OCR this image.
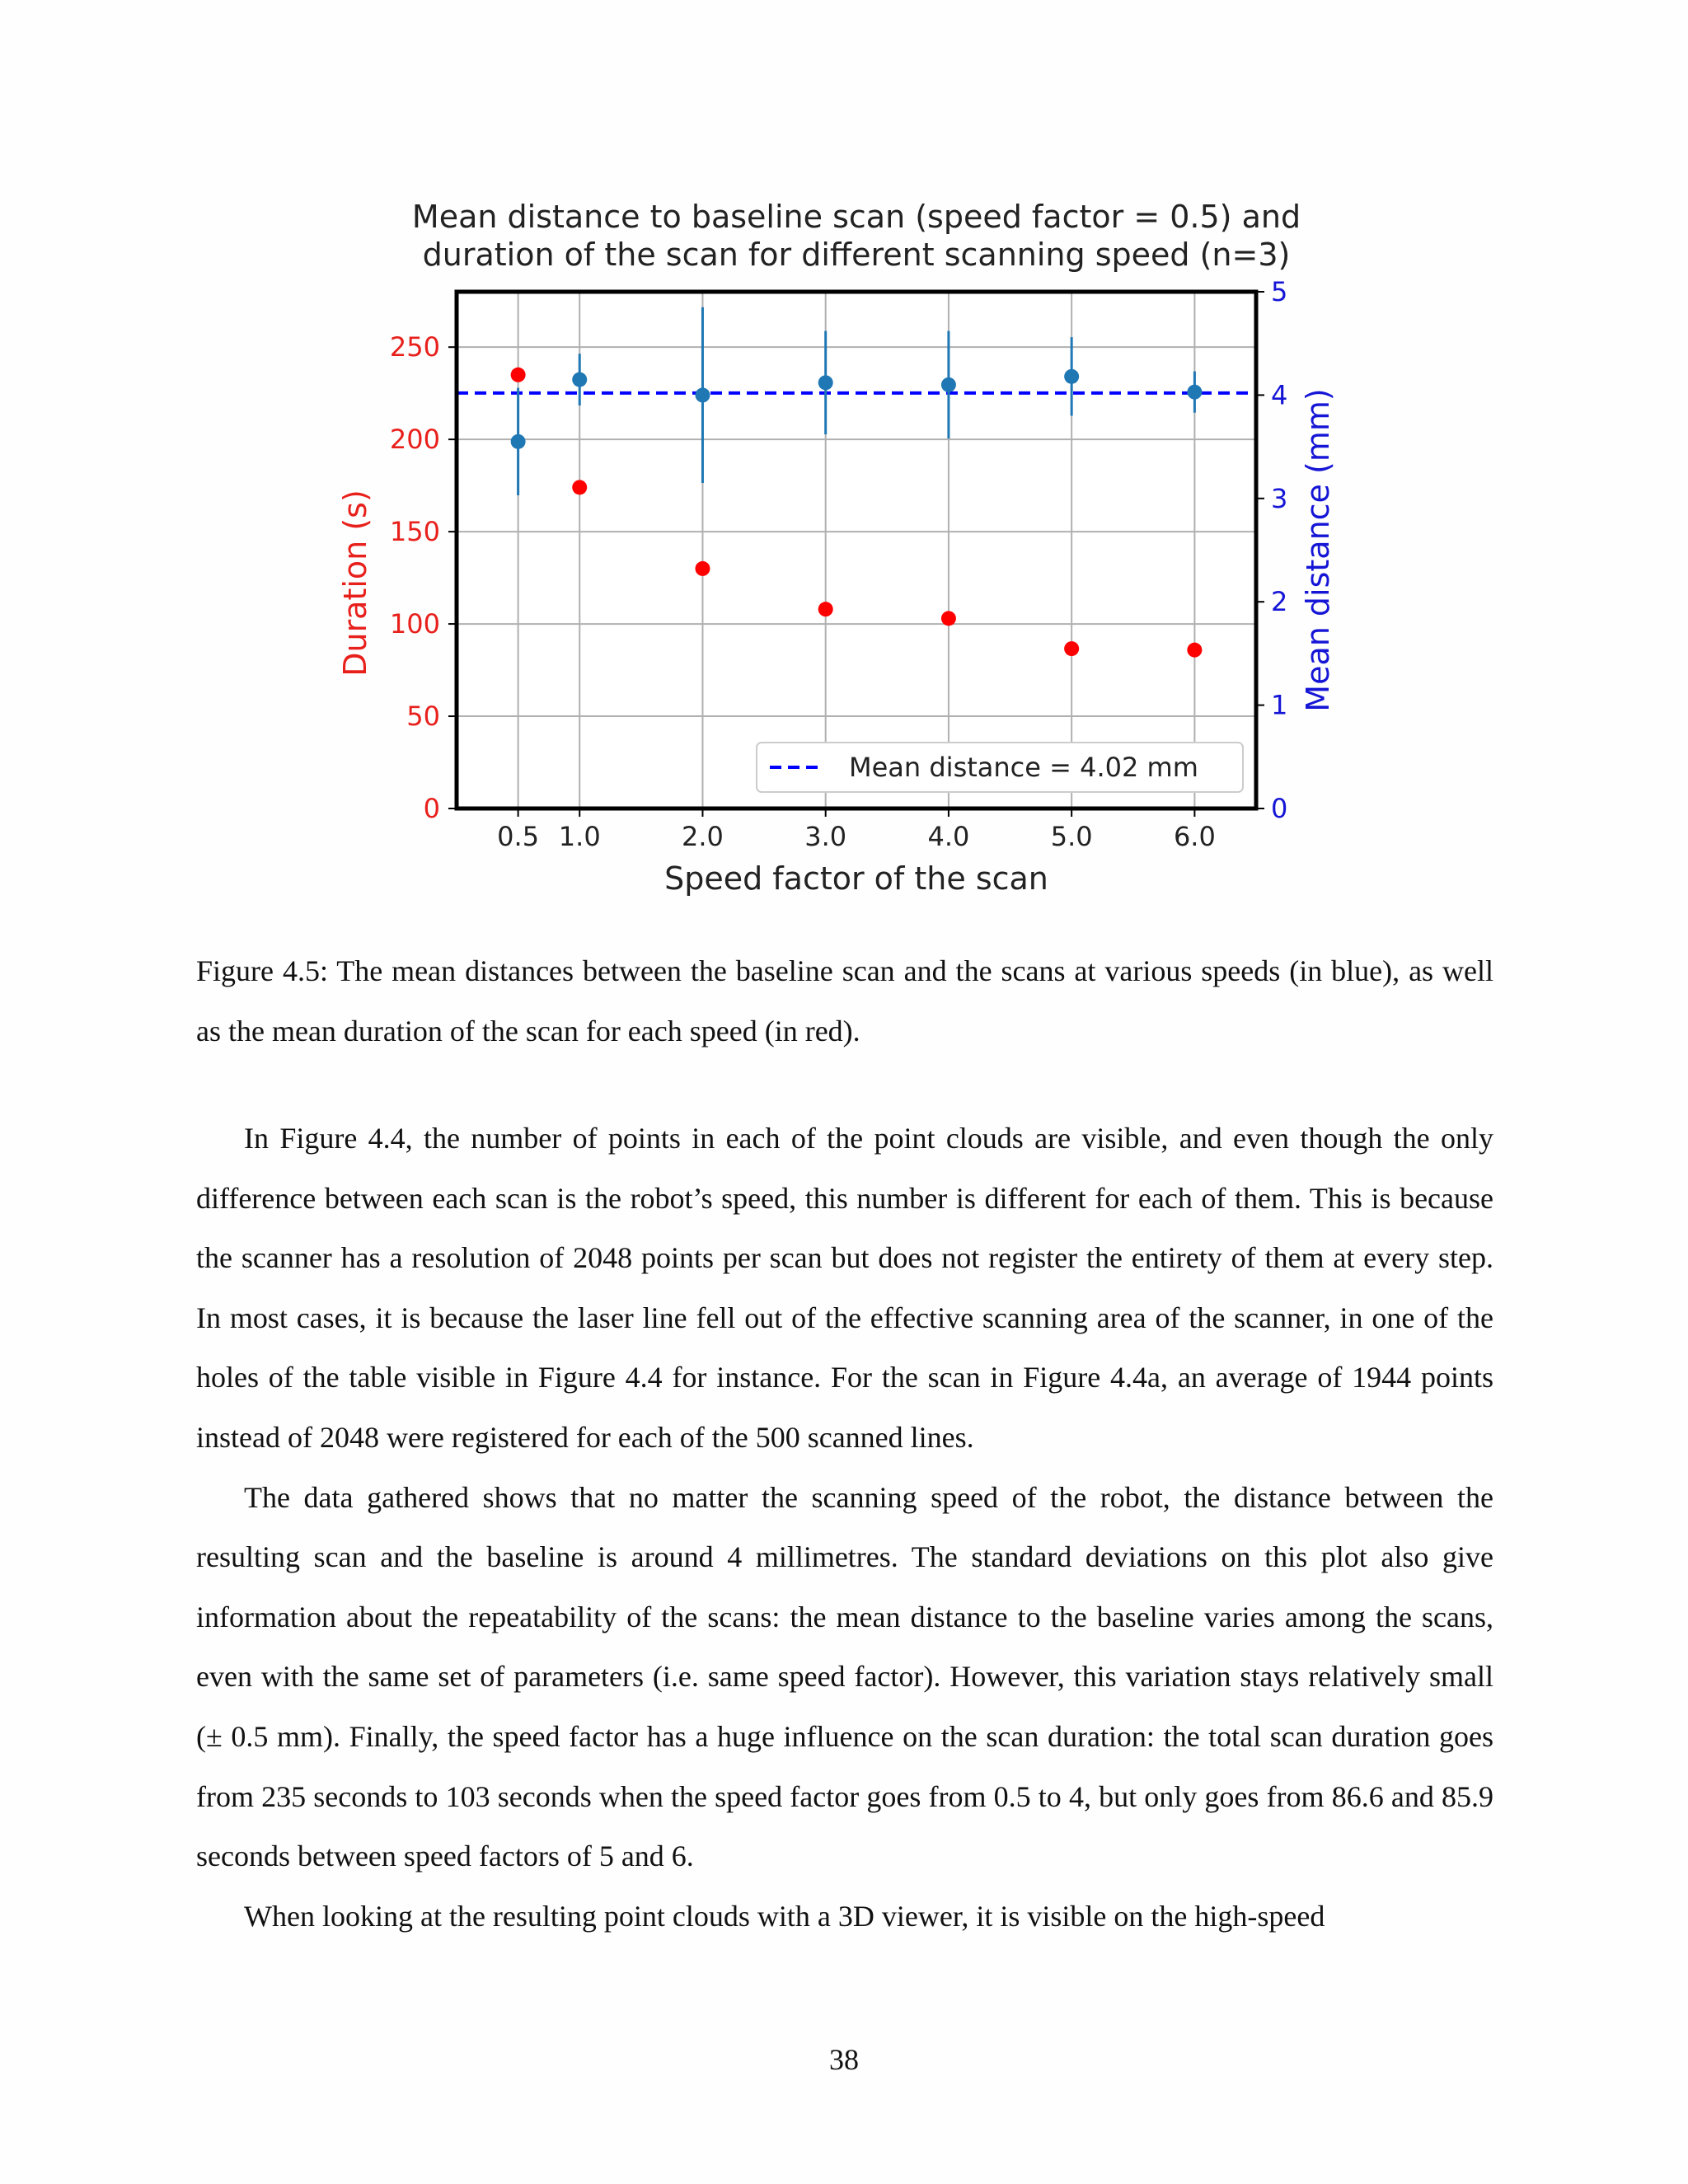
Mean distance to baseline scan (speed factor = 0.5) and
duration of the scan for different scanning speed (n=3)
0.5 1.0	2.0	3.0	4.0	5.0	6.0
0
50
100
150
200
250
0
1
2
3
4
5
Speed factor of the scan
Duration (s)	Mean distance (mm)
Mean distance = 4.02 mm
Figure 4.5: The mean distances between the baseline scan and the scans at various speeds (in blue), as well as the mean duration of the scan for each speed (in red).

In Figure 4.4, the number of points in each of the point clouds are visible, and even though the only difference between each scan is the robot’s speed, this number is different for each of them. This is because the scanner has a resolution of 2048 points per scan but does not register the entirety of them at every step. In most cases, it is because the laser line fell out of the effective scanning area of the scanner, in one of the holes of the table visible in Figure 4.4 for instance. For the scan in Figure 4.4a, an average of 1944 points instead of 2048 were registered for each of the 500 scanned lines.

The data gathered shows that no matter the scanning speed of the robot, the distance between the resulting scan and the baseline is around 4 millimetres. The standard deviations on this plot also give information about the repeatability of the scans: the mean distance to the baseline varies among the scans, even with the same set of parameters (i.e. same speed factor). However, this variation stays relatively small (± 0.5 mm). Finally, the speed factor has a huge influence on the scan duration: the total scan duration goes from 235 seconds to 103 seconds when the speed factor goes from 0.5 to 4, but only goes from 86.6 and 85.9 seconds between speed factors of 5 and 6.

When looking at the resulting point clouds with a 3D viewer, it is visible on the high-speed

38
